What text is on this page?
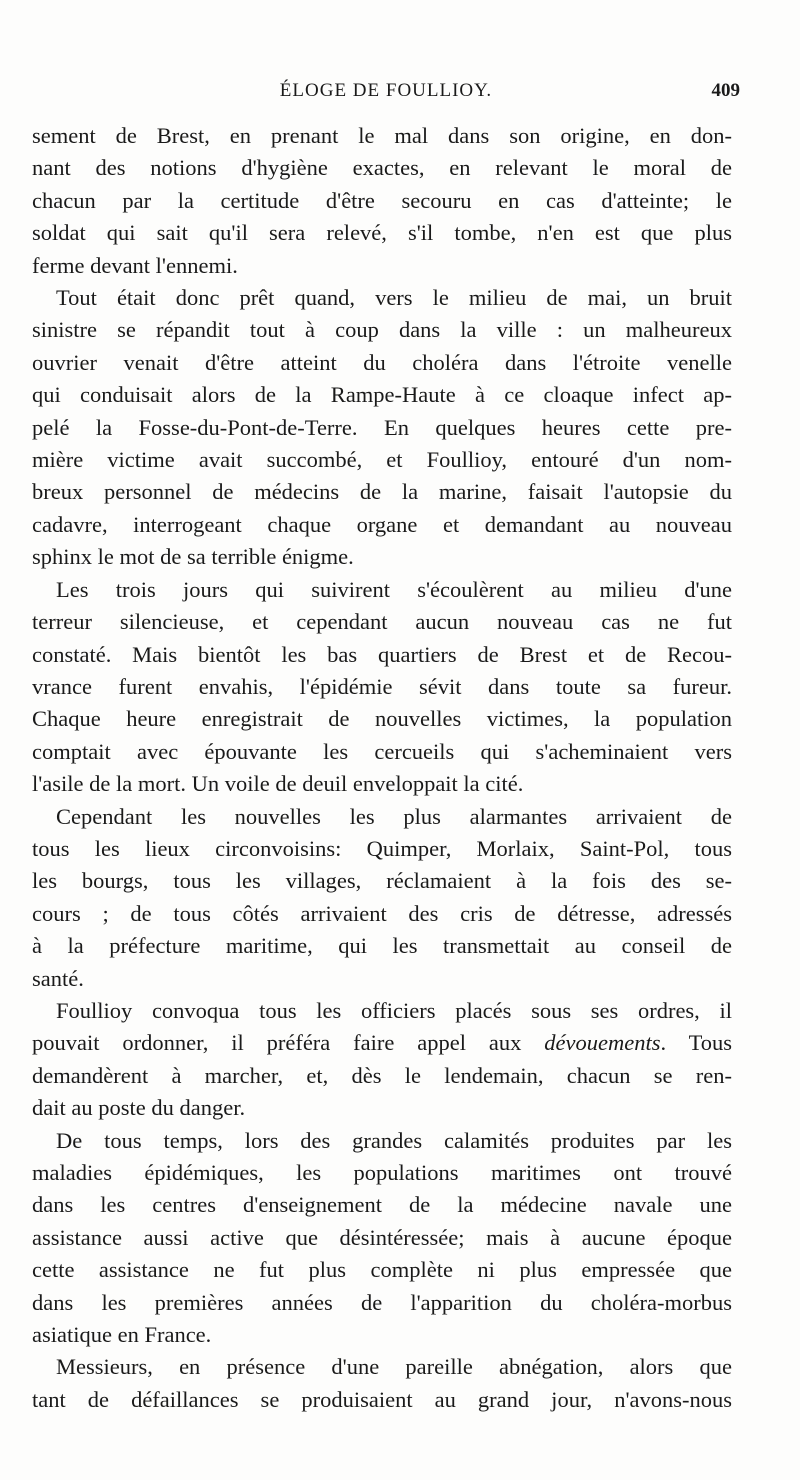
ÉLOGE DE FOULLIOY.	409

sement de Brest, en prenant le mal dans son origine, en don-
nant des notions d'hygiène exactes, en relevant le moral de
chacun par la certitude d'être secouru en cas d'atteinte; le
soldat qui sait qu'il sera relevé, s'il tombe, n'en est que plus
ferme devant l'ennemi.

Tout était donc prêt quand, vers le milieu de mai, un bruit
sinistre se répandit tout à coup dans la ville : un malheureux
ouvrier venait d'être atteint du choléra dans l'étroite venelle
qui conduisait alors de la Rampe-Haute à ce cloaque infect ap-
pelé la Fosse-du-Pont-de-Terre. En quelques heures cette pre-
mière victime avait succombé, et Foullioy, entouré d'un nom-
breux personnel de médecins de la marine, faisait l'autopsie du
cadavre, interrogeant chaque organe et demandant au nouveau
sphinx le mot de sa terrible énigme.

Les trois jours qui suivirent s'écoulèrent au milieu d'une
terreur silencieuse, et cependant aucun nouveau cas ne fut
constaté. Mais bientôt les bas quartiers de Brest et de Recou-
vrance furent envahis, l'épidémie sévit dans toute sa fureur.
Chaque heure enregistrait de nouvelles victimes, la population
comptait avec épouvante les cercueils qui s'acheminaient vers
l'asile de la mort. Un voile de deuil enveloppait la cité.

Cependant les nouvelles les plus alarmantes arrivaient de
tous les lieux circonvoisins: Quimper, Morlaix, Saint-Pol, tous
les bourgs, tous les villages, réclamaient à la fois des se-
cours ; de tous côtés arrivaient des cris de détresse, adressés
à la préfecture maritime, qui les transmettait au conseil de
santé.

Foullioy convoqua tous les officiers placés sous ses ordres, il
pouvait ordonner, il préféra faire appel aux dévouements. Tous
demandèrent à marcher, et, dès le lendemain, chacun se ren-
dait au poste du danger.

De tous temps, lors des grandes calamités produites par les
maladies épidémiques, les populations maritimes ont trouvé
dans les centres d'enseignement de la médecine navale une
assistance aussi active que désintéressée; mais à aucune époque
cette assistance ne fut plus complète ni plus empressée que
dans les premières années de l'apparition du choléra-morbus
asiatique en France.

Messieurs, en présence d'une pareille abnégation, alors que
tant de défaillances se produisaient au grand jour, n'avons-nous
